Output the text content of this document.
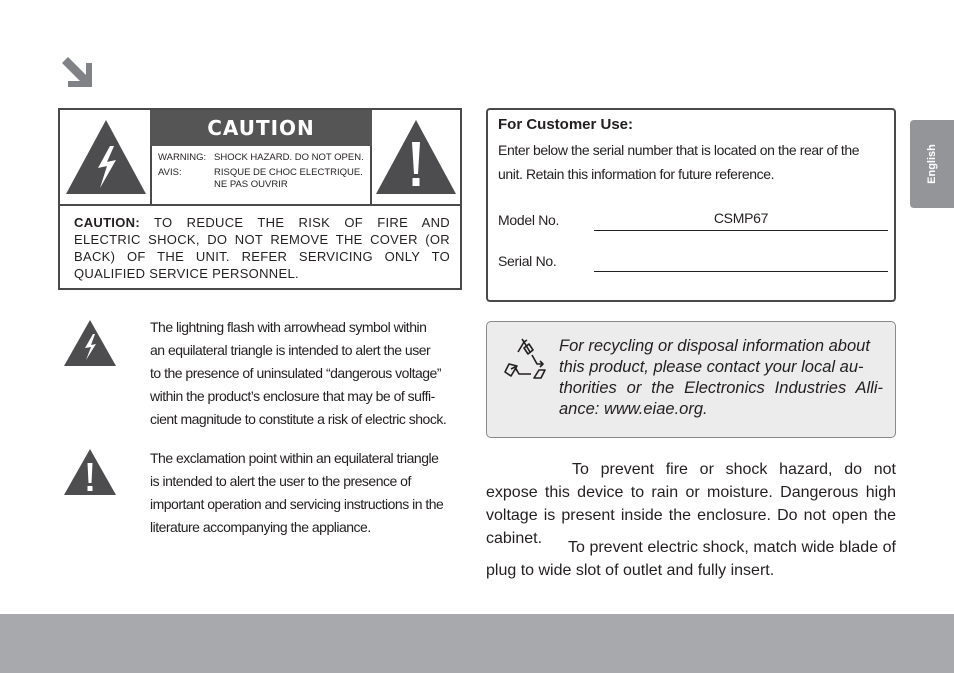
CAUTION
WARNING: SHOCK HAZARD. DO NOT OPEN.
AVIS:	RISQUE DE CHOC ELECTRIQUE.
NE PAS OUVRIR
CAUTION: TO REDUCE THE RISK OF FIRE AND
ELECTRIC SHOCK, DO NOT REMOVE THE COVER (OR
BACK) OF THE UNIT. REFER SERVICING ONLY TO
QUALIFIED SERVICE PERSONNEL.
The lightning flash with arrowhead symbol within
an equilateral triangle is intended to alert the user
to the presence of uninsulated “dangerous voltage”
within the product’s enclosure that may be of suffi-
cient magnitude to constitute a risk of electric shock.
The exclamation point within an equilateral triangle
is intended to alert the user to the presence of
important operation and servicing instructions in the
literature accompanying the appliance.
For Customer Use:
Enter below the serial number that is located on the rear of the
unit. Retain this information for future reference.
Model No.	CSMP67
Serial No.
For recycling or disposal information about
this product, please contact your local au-
thorities or the Electronics Industries Alli-
ance: www.eiae.org.
To prevent fire or shock hazard, do not expose this device to rain or moisture. Dangerous high voltage is present inside the enclosure. Do not open the cabinet.
To prevent electric shock, match wide blade of plug to wide slot of outlet and fully insert.
English
